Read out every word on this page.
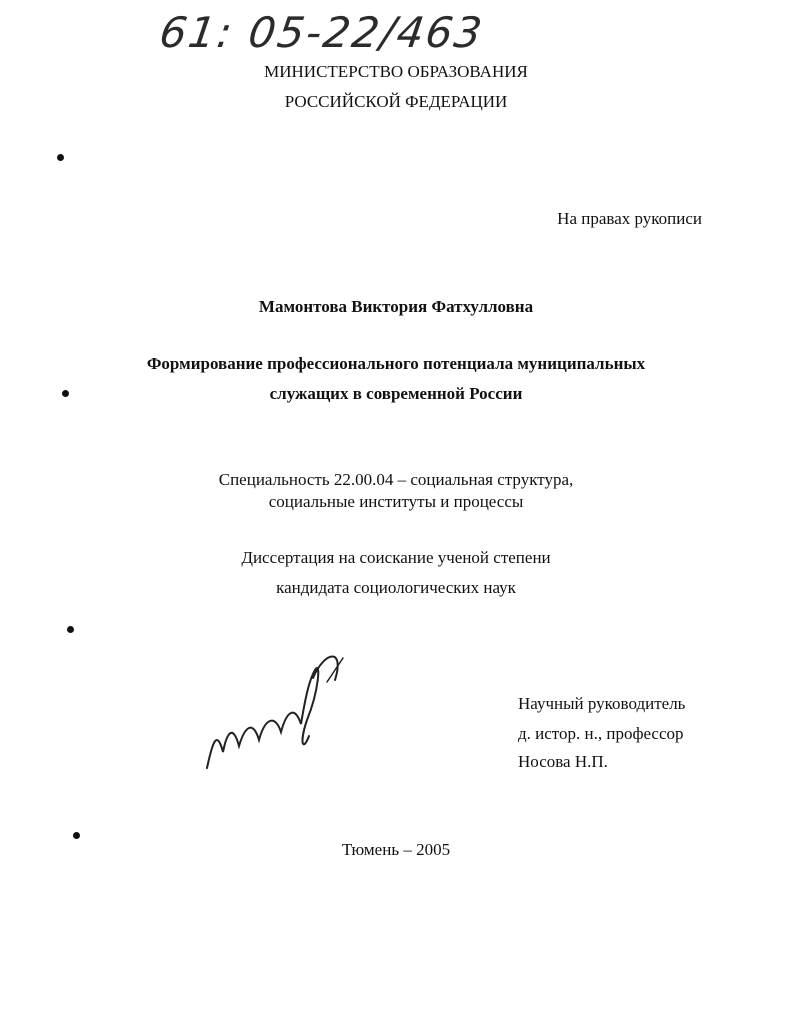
61: 05-22/463
МИНИСТЕРСТВО ОБРАЗОВАНИЯ
РОССИЙСКОЙ ФЕДЕРАЦИИ
На правах рукописи
Мамонтова Виктория Фатхулловна
Формирование профессионального потенциала муниципальных
служащих в современной России
Специальность 22.00.04 – социальная структура,
социальные институты и процессы
Диссертация на соискание ученой степени
кандидата социологических наук
Научный руководитель
д. истор. н., профессор
Носова Н.П.
Тюмень – 2005
